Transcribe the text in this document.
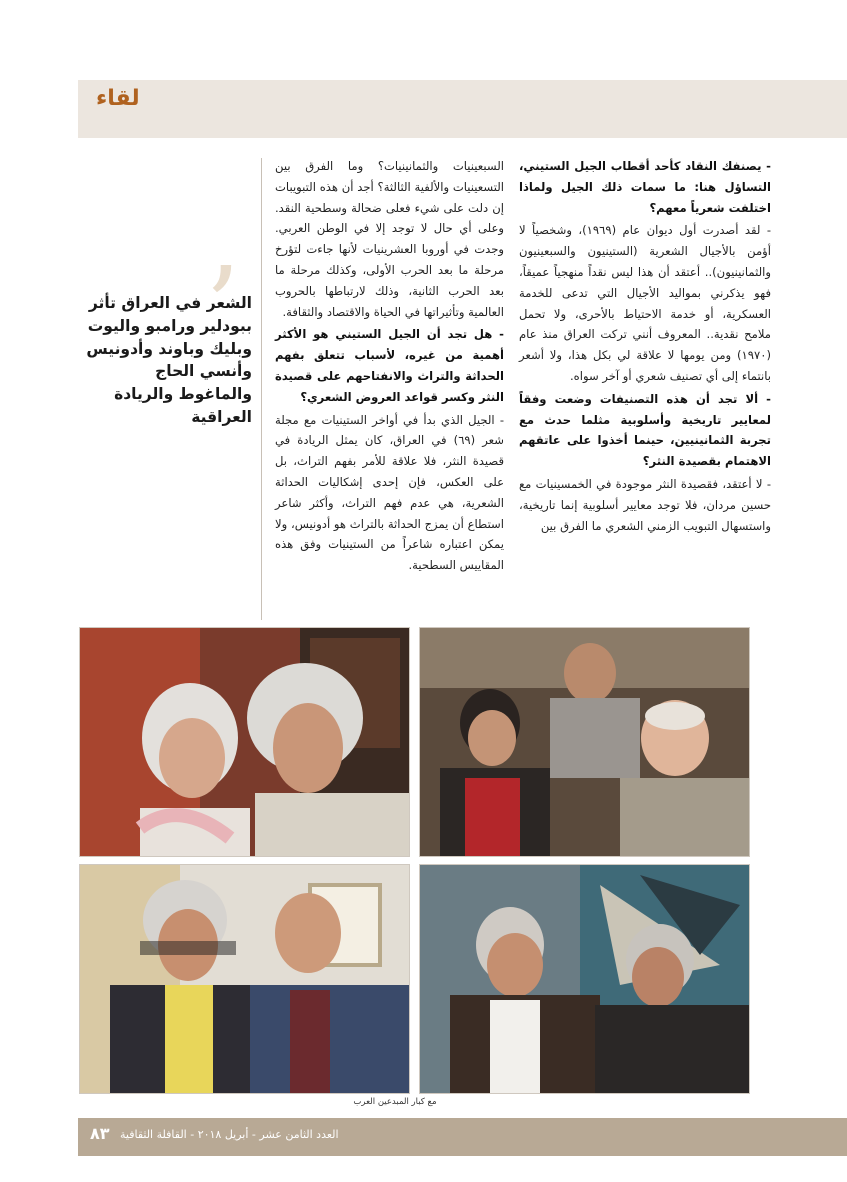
لقاء
’
الشعر في العراق تأثر ببودلير ورامبو واليوت وبليك وباوند وأدونيس وأنسي الحاج والماغوط والريادة العراقية

- يصنفك النقاد كأحد أقطاب الجيل الستيني، التساؤل هنا: ما سمات ذلك الجيل ولماذا اختلفت شعرياً معهم؟

- لقد أصدرت أول ديوان عام (١٩٦٩)، وشخصياً لا أؤمن بالأجيال الشعرية (الستينيون والسبعينيون والثمانينيون).. أعتقد أن هذا ليس نقداً منهجياً عميقاً، فهو يذكرني بمواليد الأجيال التي تدعى للخدمة العسكرية، أو خدمة الاحتياط بالأحرى، ولا تحمل ملامح نقدية.. المعروف أنني تركت العراق منذ عام (١٩٧٠) ومن يومها لا علاقة لي بكل هذا، ولا أشعر بانتماء إلى أي تصنيف شعري أو آخر سواه.

- ألا تجد أن هذه التصنيفات وضعت وفقاً لمعايير تاريخية وأسلوبية مثلما حدث مع تجربة الثمانينيين، حينما أخذوا على عاتقهم الاهتمام بقصيدة النثر؟

- لا أعتقد، فقصيدة النثر موجودة في الخمسينيات مع حسين مردان، فلا توجد معايير أسلوبية إنما تاريخية، واستسهال التبويب الزمني الشعري ما الفرق بين

السبعينيات والثمانينيات؟ وما الفرق بين التسعينيات والألفية الثالثة؟ أجد أن هذه التبويبات إن دلت على شيء فعلى ضحالة وسطحية النقد. وعلى أي حال لا توجد إلا في الوطن العربي. وجدت في أوروبا العشرينيات لأنها جاءت لتؤرخ مرحلة ما بعد الحرب الأولى، وكذلك مرحلة ما بعد الحرب الثانية، وذلك لارتباطها بالحروب العالمية وتأثيراتها في الحياة والاقتصاد والثقافة.

- هل تجد أن الجيل الستيني هو الأكثر أهمية من غيره، لأسباب تتعلق بفهم الحداثة والتراث والانفتاحهم على قصيدة النثر وكسر قواعد العروض الشعري؟

- الجيل الذي بدأ في أواخر الستينيات مع مجلة شعر (٦٩) في العراق، كان يمثل الريادة في قصيدة النثر، فلا علاقة للأمر بفهم التراث، بل على العكس، فإن إحدى إشكاليات الحداثة الشعرية، هي عدم فهم التراث، وأكثر شاعر استطاع أن يمزج الحداثة بالتراث هو أدونيس، ولا يمكن اعتباره شاعراً من الستينيات وفق هذه المقاييس السطحية.

مع كبار المبدعين العرب
٨٣ العدد الثامن عشر - أبريل ٢٠١٨ - القافلة الثقافية
